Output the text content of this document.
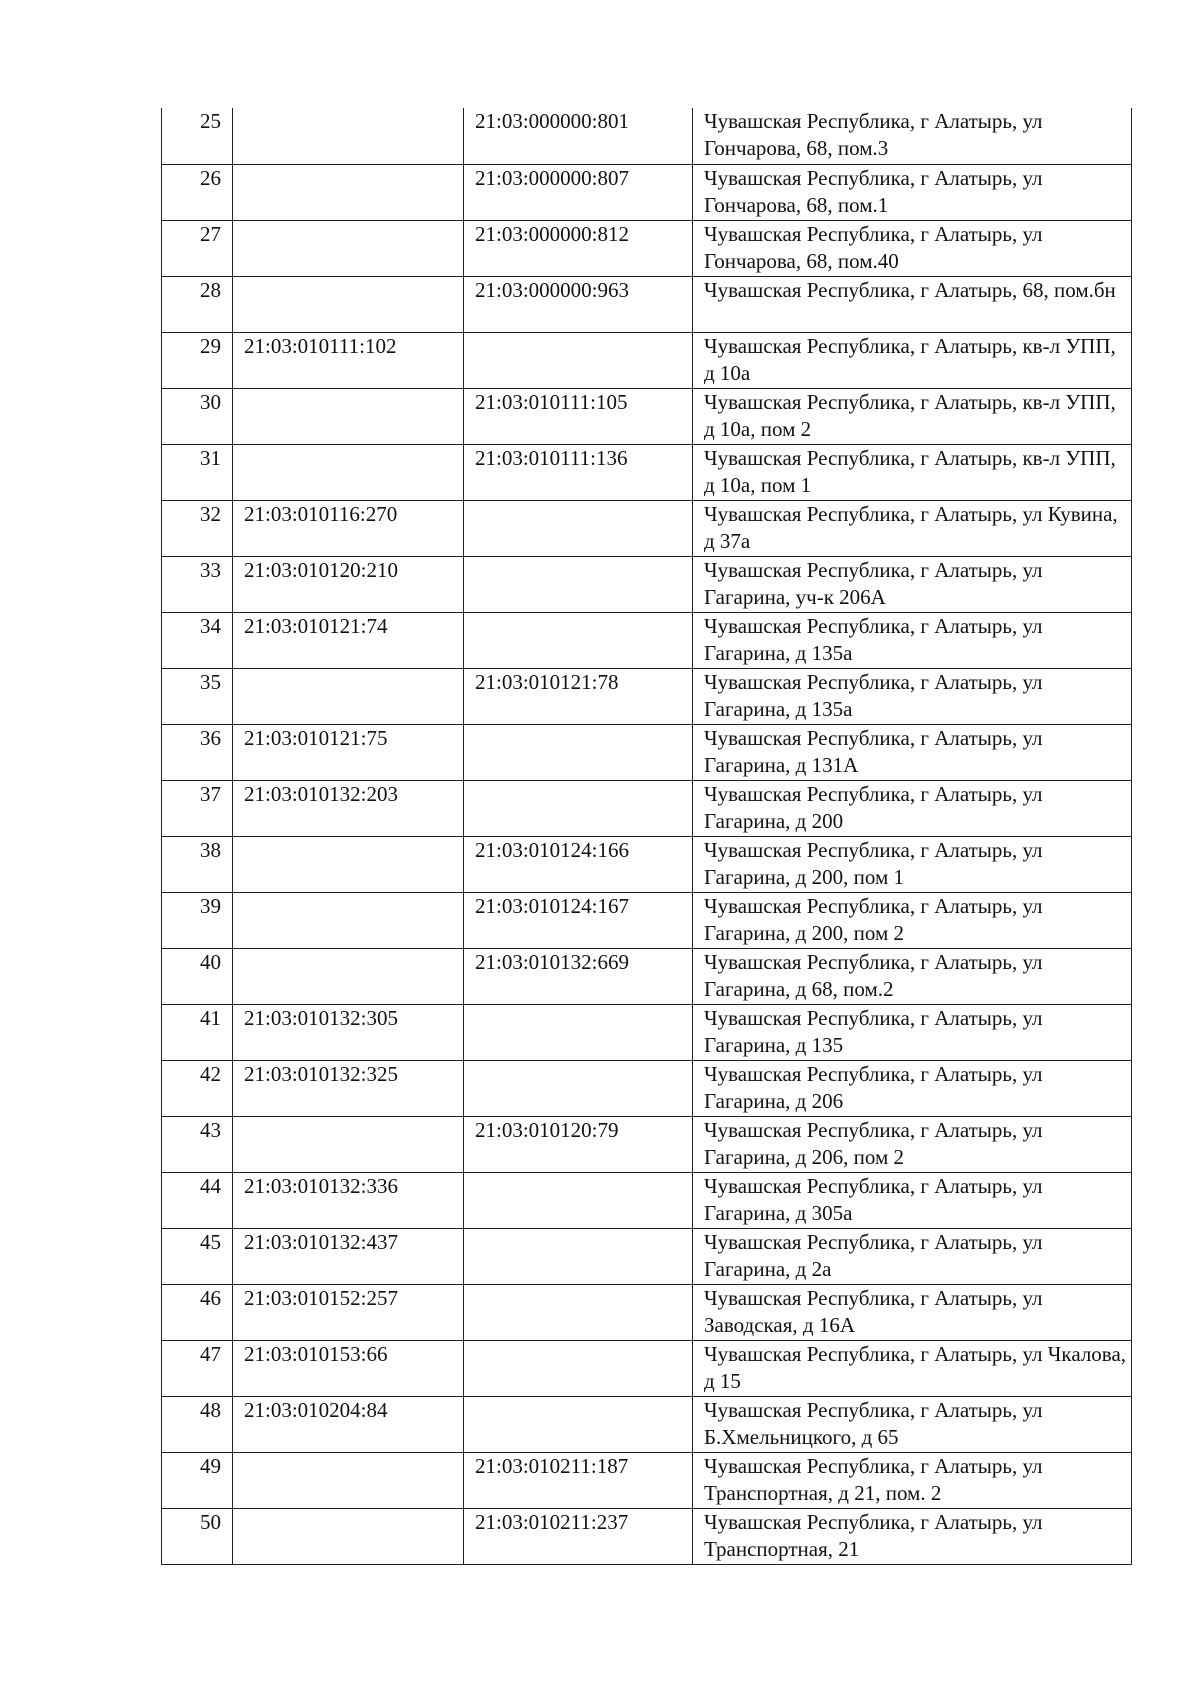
25		21:03:000000:801	Чувашская Республика, г Алатырь, ул Гончарова, 68, пом.3

26		21:03:000000:807	Чувашская Республика, г Алатырь, ул Гончарова, 68, пом.1

27		21:03:000000:812	Чувашская Республика, г Алатырь, ул Гончарова, 68, пом.40

28		21:03:000000:963	Чувашская Республика, г Алатырь, 68, пом.бн

29	21:03:010111:102		Чувашская Республика, г Алатырь, кв-л УПП, д 10а

30		21:03:010111:105	Чувашская Республика, г Алатырь, кв-л УПП, д 10а, пом 2

31		21:03:010111:136	Чувашская Республика, г Алатырь, кв-л УПП, д 10а, пом 1

32	21:03:010116:270		Чувашская Республика, г Алатырь, ул Кувина, д 37а

33	21:03:010120:210		Чувашская Республика, г Алатырь, ул Гагарина, уч-к 206А

34	21:03:010121:74		Чувашская Республика, г Алатырь, ул Гагарина, д 135а

35		21:03:010121:78	Чувашская Республика, г Алатырь, ул Гагарина, д 135а

36	21:03:010121:75		Чувашская Республика, г Алатырь, ул Гагарина, д 131А

37	21:03:010132:203		Чувашская Республика, г Алатырь, ул Гагарина, д 200

38		21:03:010124:166	Чувашская Республика, г Алатырь, ул Гагарина, д 200, пом 1

39		21:03:010124:167	Чувашская Республика, г Алатырь, ул Гагарина, д 200, пом 2

40		21:03:010132:669	Чувашская Республика, г Алатырь, ул Гагарина, д 68, пом.2

41	21:03:010132:305		Чувашская Республика, г Алатырь, ул Гагарина, д 135

42	21:03:010132:325		Чувашская Республика, г Алатырь, ул Гагарина, д 206

43		21:03:010120:79	Чувашская Республика, г Алатырь, ул Гагарина, д 206, пом 2

44	21:03:010132:336		Чувашская Республика, г Алатырь, ул Гагарина, д 305а

45	21:03:010132:437		Чувашская Республика, г Алатырь, ул Гагарина, д 2а

46	21:03:010152:257		Чувашская Республика, г Алатырь, ул Заводская, д 16А

47	21:03:010153:66		Чувашская Республика, г Алатырь, ул Чкалова, д 15

48	21:03:010204:84		Чувашская Республика, г Алатырь, ул Б.Хмельницкого, д 65

49		21:03:010211:187	Чувашская Республика, г Алатырь, ул Транспортная, д 21, пом. 2

50		21:03:010211:237	Чувашская Республика, г Алатырь, ул Транспортная, 21
